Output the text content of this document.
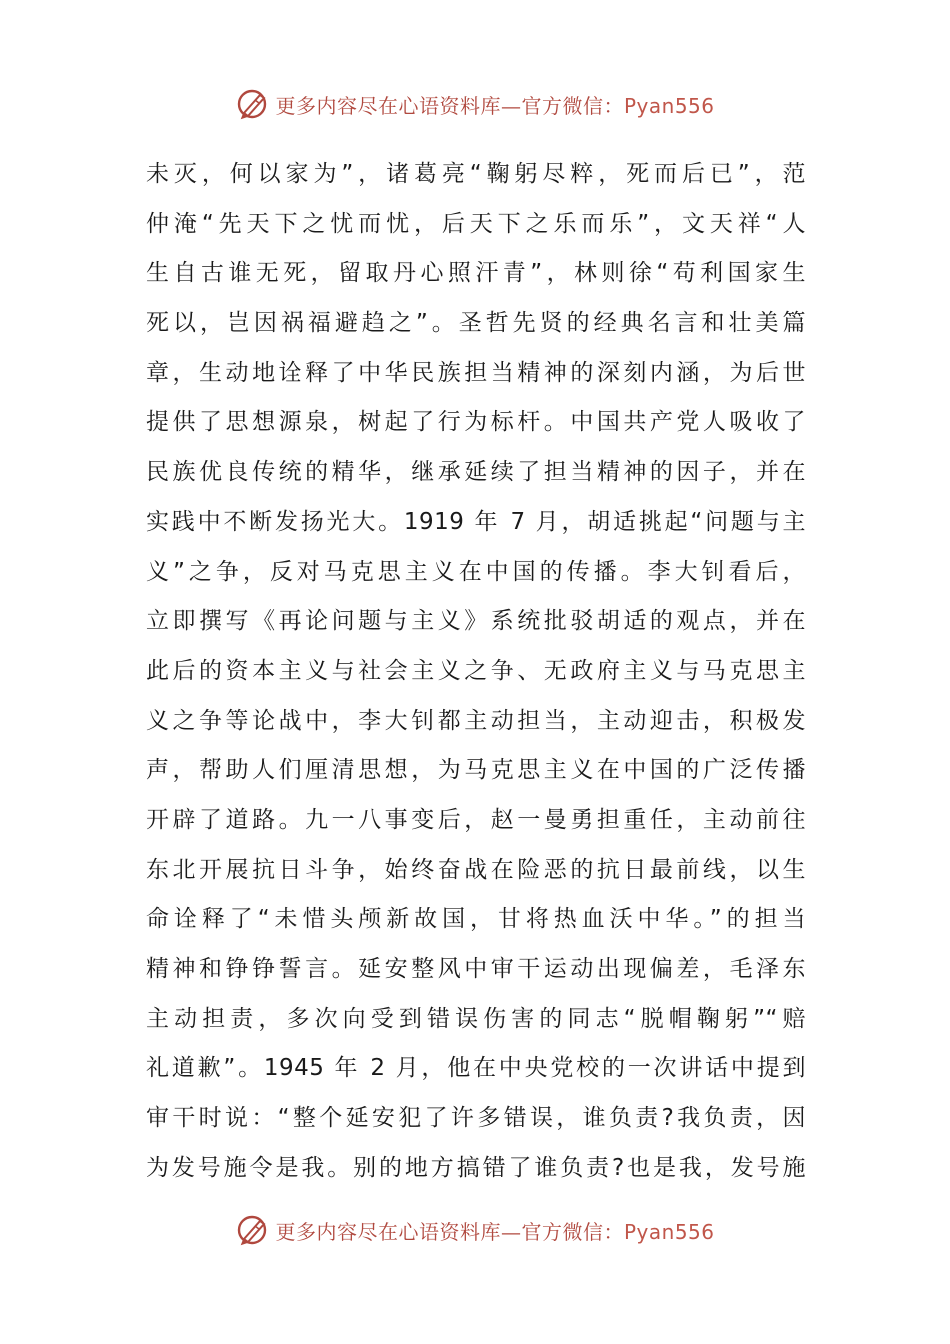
更多内容尽在心语资料库—官方微信：Pyan556
未灭，何以家为”，诸葛亮“鞠躬尽粹，死而后已”，范
仲淹“先天下之忧而忧，后天下之乐而乐”，文天祥“人
生自古谁无死，留取丹心照汗青”，林则徐“苟利国家生
死以，岂因祸福避趋之”。圣哲先贤的经典名言和壮美篇
章，生动地诠释了中华民族担当精神的深刻内涵，为后世
提供了思想源泉，树起了行为标杆。中国共产党人吸收了
民族优良传统的精华，继承延续了担当精神的因子，并在
实践中不断发扬光大。1919 年 7 月，胡适挑起“问题与主
义”之争，反对马克思主义在中国的传播。李大钊看后，
立即撰写《再论问题与主义》系统批驳胡适的观点，并在
此后的资本主义与社会主义之争、无政府主义与马克思主
义之争等论战中，李大钊都主动担当，主动迎击，积极发
声，帮助人们厘清思想，为马克思主义在中国的广泛传播
开辟了道路。九一八事变后，赵一曼勇担重任，主动前往
东北开展抗日斗争，始终奋战在险恶的抗日最前线，以生
命诠释了“未惜头颅新故国，甘将热血沃中华。”的担当
精神和铮铮誓言。延安整风中审干运动出现偏差，毛泽东
主动担责，多次向受到错误伤害的同志“脱帽鞠躬”“赔
礼道歉”。1945 年 2 月，他在中央党校的一次讲话中提到
审干时说：“整个延安犯了许多错误，谁负责?我负责，因
为发号施令是我。别的地方搞错了谁负责?也是我，发号施
更多内容尽在心语资料库—官方微信：Pyan556
